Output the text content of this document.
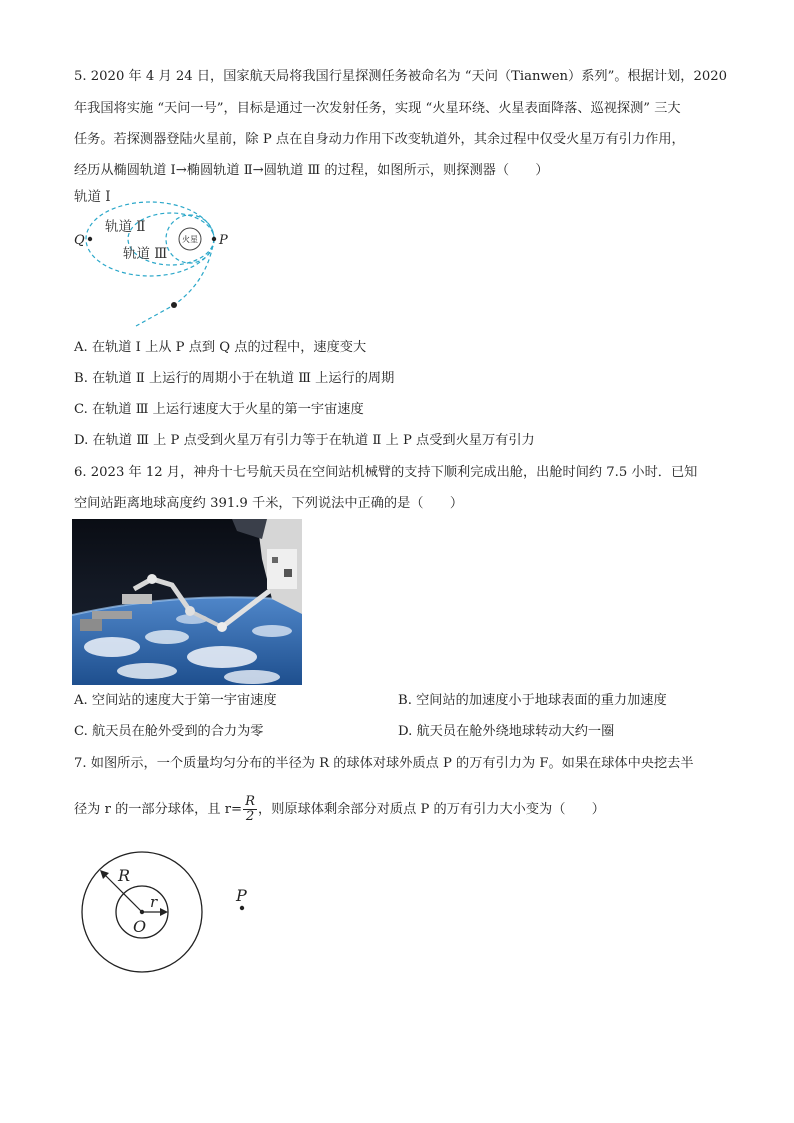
5. 2020 年 4 月 24 日，国家航天局将我国行星探测任务被命名为 “天问（Tianwen）系列”。根据计划，2020
年我国将实施 “天问一号”，目标是通过一次发射任务，实现 “火星环绕、火星表面降落、巡视探测” 三大
任务。若探测器登陆火星前，除 P 点在自身动力作用下改变轨道外，其余过程中仅受火星万有引力作用，
经历从椭圆轨道 Ⅰ→椭圆轨道 Ⅱ→圆轨道 Ⅲ 的过程，如图所示，则探测器（　　）
火星
Q	P
轨道 Ⅰ
轨道 Ⅱ
轨道 Ⅲ
A. 在轨道 Ⅰ 上从 P 点到 Q 点的过程中，速度变大
B. 在轨道 Ⅱ 上运行的周期小于在轨道 Ⅲ 上运行的周期
C. 在轨道 Ⅲ 上运行速度大于火星的第一宇宙速度
D. 在轨道 Ⅲ 上 P 点受到火星万有引力等于在轨道 Ⅱ 上 P 点受到火星万有引力
6. 2023 年 12 月，神舟十七号航天员在空间站机械臂的支持下顺利完成出舱，出舱时间约 7.5 小时．已知
空间站距离地球高度约 391.9 千米，下列说法中正确的是（　　）
A. 空间站的速度大于第一宇宙速度	B. 空间站的加速度小于地球表面的重力加速度
C. 航天员在舱外受到的合力为零	D. 航天员在舱外绕地球转动大约一圈
7. 如图所示，一个质量均匀分布的半径为 R 的球体对球外质点 P 的万有引力为 F。如果在球体中央挖去半
径为 r 的一部分球体，且 $r= \frac{R}{2}$ ，则原球体剩余部分对质点 P 的万有引力大小变为（　　）
R
r
O
P
